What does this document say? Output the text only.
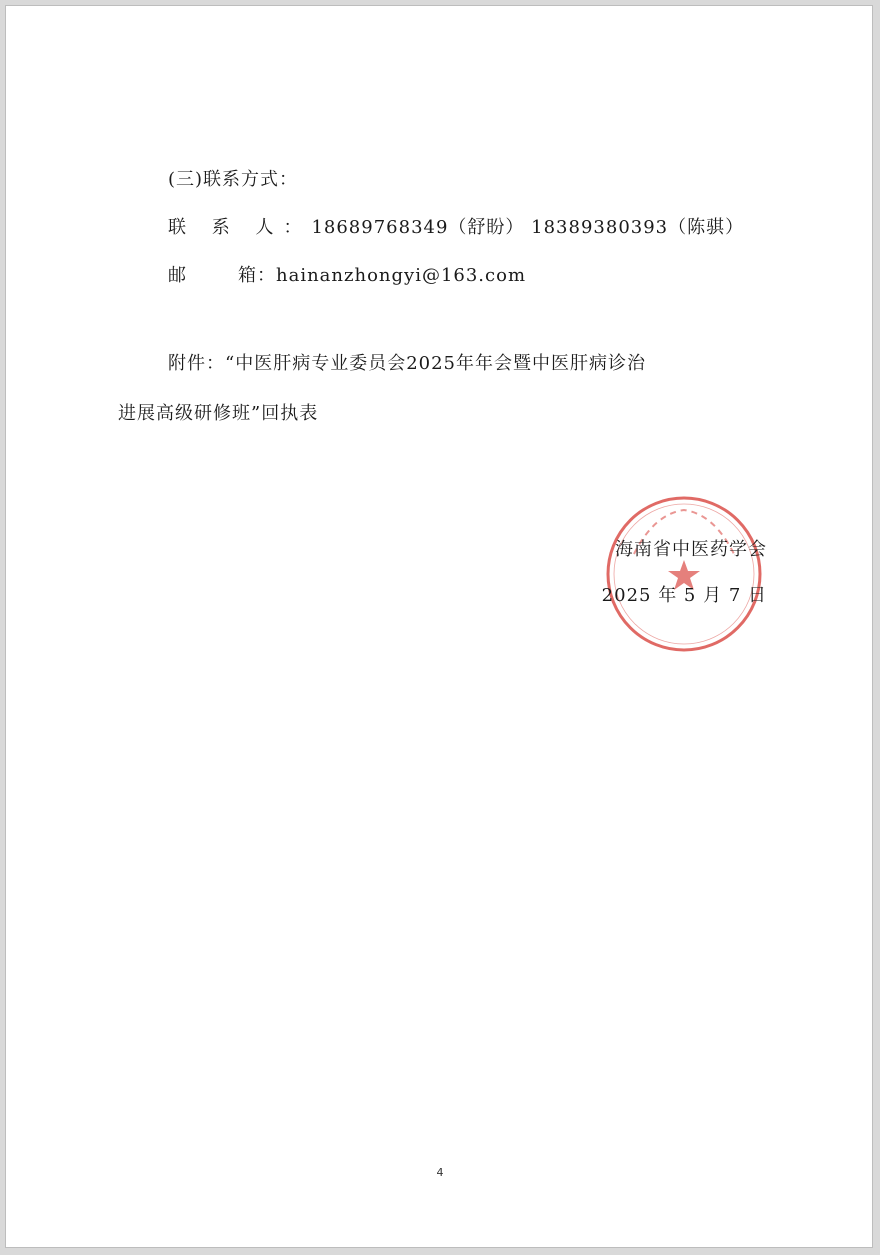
(三)联系方式：
联 系 人：18689768349（舒盼） 18389380393（陈骐）
邮	箱：hainanzhongyi@163.com
附件：“中医肝病专业委员会2025年年会暨中医肝病诊治
进展高级研修班”回执表
海南省中医药学会
2025 年 5 月 7 日
4
